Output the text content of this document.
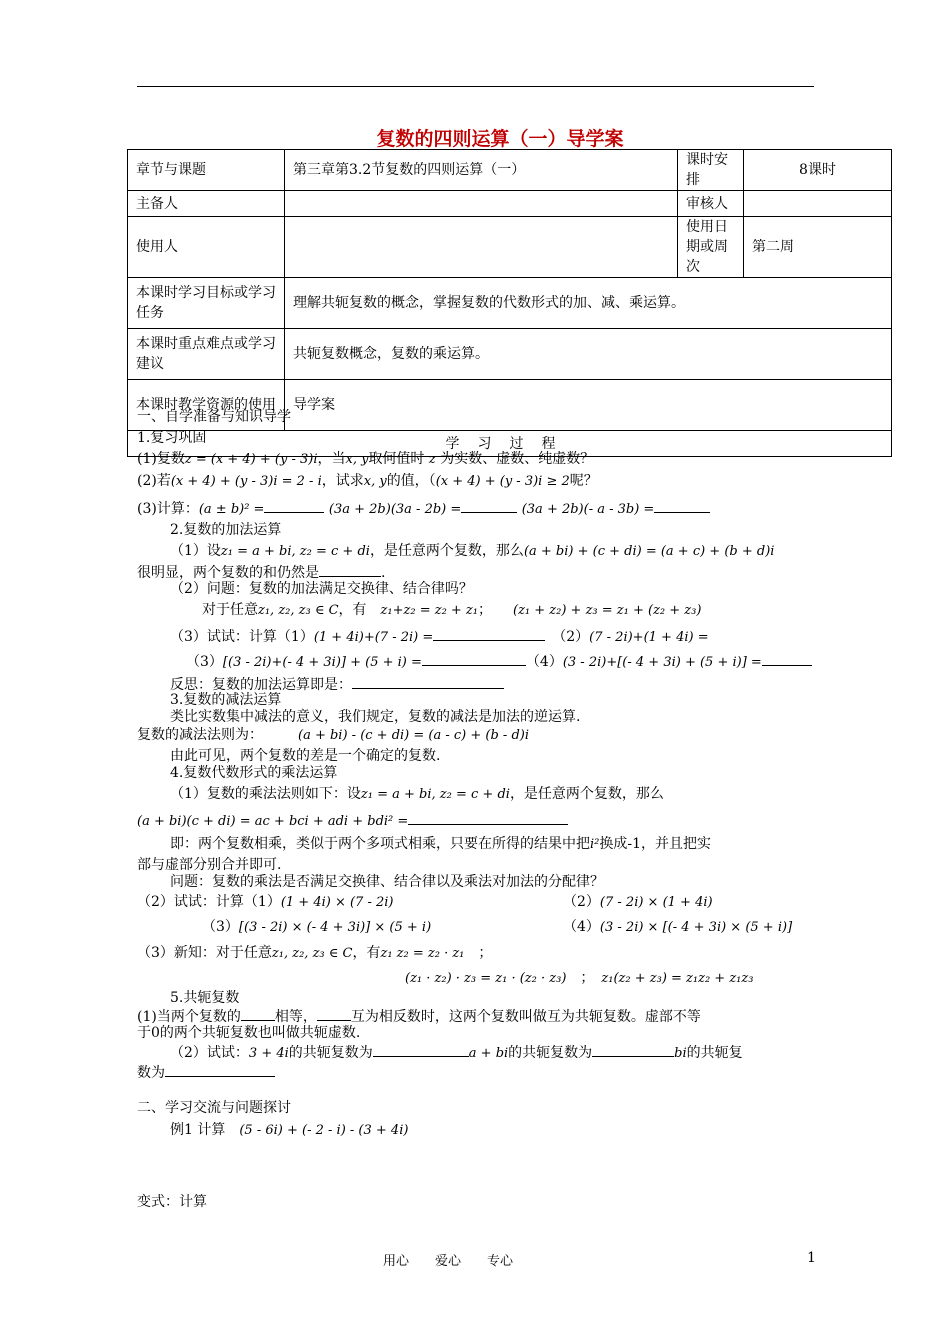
复数的四则运算（一）导学案
章节与课题	第三章第3.2节复数的四则运算（一）	课时安排	8课时
主备人		审核人	
使用人		使用日期或周次	第二周
本课时学习目标或学习任务	理解共轭复数的概念，掌握复数的代数形式的加、减、乘运算。		
本课时重点难点或学习建议	共轭复数概念，复数的乘运算。		
本课时教学资源的使用	导学案		
学习过程			
一、自学准备与知识导学
1.复习巩固
(1)复数z = (x + 4) + (y - 3)i，当x, y取何值时 z 为实数、虚数、纯虚数？
(2)若(x + 4) + (y - 3)i = 2 - i，试求x, y的值，（(x + 4) + (y - 3)i ≥ 2呢？
(3)计算：(a ± b)² =	(3a + 2b)(3a - 2b) =	(3a + 2b)(- a - 3b) =
2.复数的加法运算
（1）设z₁ = a + bi, z₂ = c + di，是任意两个复数，那么(a + bi) + (c + di) = (a + c) + (b + d)i
很明显，两个复数的和仍然是	.
（2）问题：复数的加法满足交换律、结合律吗？
对于任意z₁, z₂, z₃ ∈ C，有　 z₁+z₂ = z₂ + z₁；　　 (z₁ + z₂) + z₃ = z₁ + (z₂ + z₃)
（3）试试：计算（1）(1 + 4i)+(7 - 2i) =　	（2）(7 - 2i)+(1 + 4i) =
（3）[(3 - 2i)+(- 4 + 3i)] + (5 + i) =	（4）(3 - 2i)+[(- 4 + 3i) + (5 + i)] =
反思：复数的加法运算即是：
3.复数的减法运算
类比实数集中减法的意义，我们规定，复数的减法是加法的逆运算.
复数的减法法则为：　　　	(a + bi) - (c + di) = (a - c) + (b - d)i
由此可见，两个复数的差是一个确定的复数.
4.复数代数形式的乘法运算
（1）复数的乘法法则如下：设z₁ = a + bi, z₂ = c + di，是任意两个复数，那么
(a + bi)(c + di) = ac + bci + adi + bdi² =
即：两个复数相乘，类似于两个多项式相乘，只要在所得的结果中把i²换成-1，并且把实
部与虚部分别合并即可.
问题：复数的乘法是否满足交换律、结合律以及乘法对加法的分配律？
（2）试试：计算（1）(1 + 4i) × (7 - 2i)	（2）(7 - 2i) × (1 + 4i)
（3）[(3 - 2i) × (- 4 + 3i)] × (5 + i)	（4）(3 - 2i) × [(- 4 + 3i) × (5 + i)]
（3）新知：对于任意z₁, z₂, z₃ ∈ C，有z₁ z₂ = z₂ · z₁　 ；
(z₁ · z₂) · z₃ = z₁ · (z₂ · z₃)　；　z₁(z₂ + z₃) = z₁z₂ + z₁z₃
5.共轭复数
(1)当两个复数的 相等， 互为相反数时，这两个复数叫做互为共轭复数。虚部不等
于0的两个共轭复数也叫做共轭虚数.
（2）试试：3 + 4i的共轭复数为	a + bi的共轭复数为	bi的共轭复
数为
二、学习交流与问题探讨
例1 计算　 (5 - 6i) + (- 2 - i) - (3 + 4i)
变式：计算
用心　　爱心　　专心	1
